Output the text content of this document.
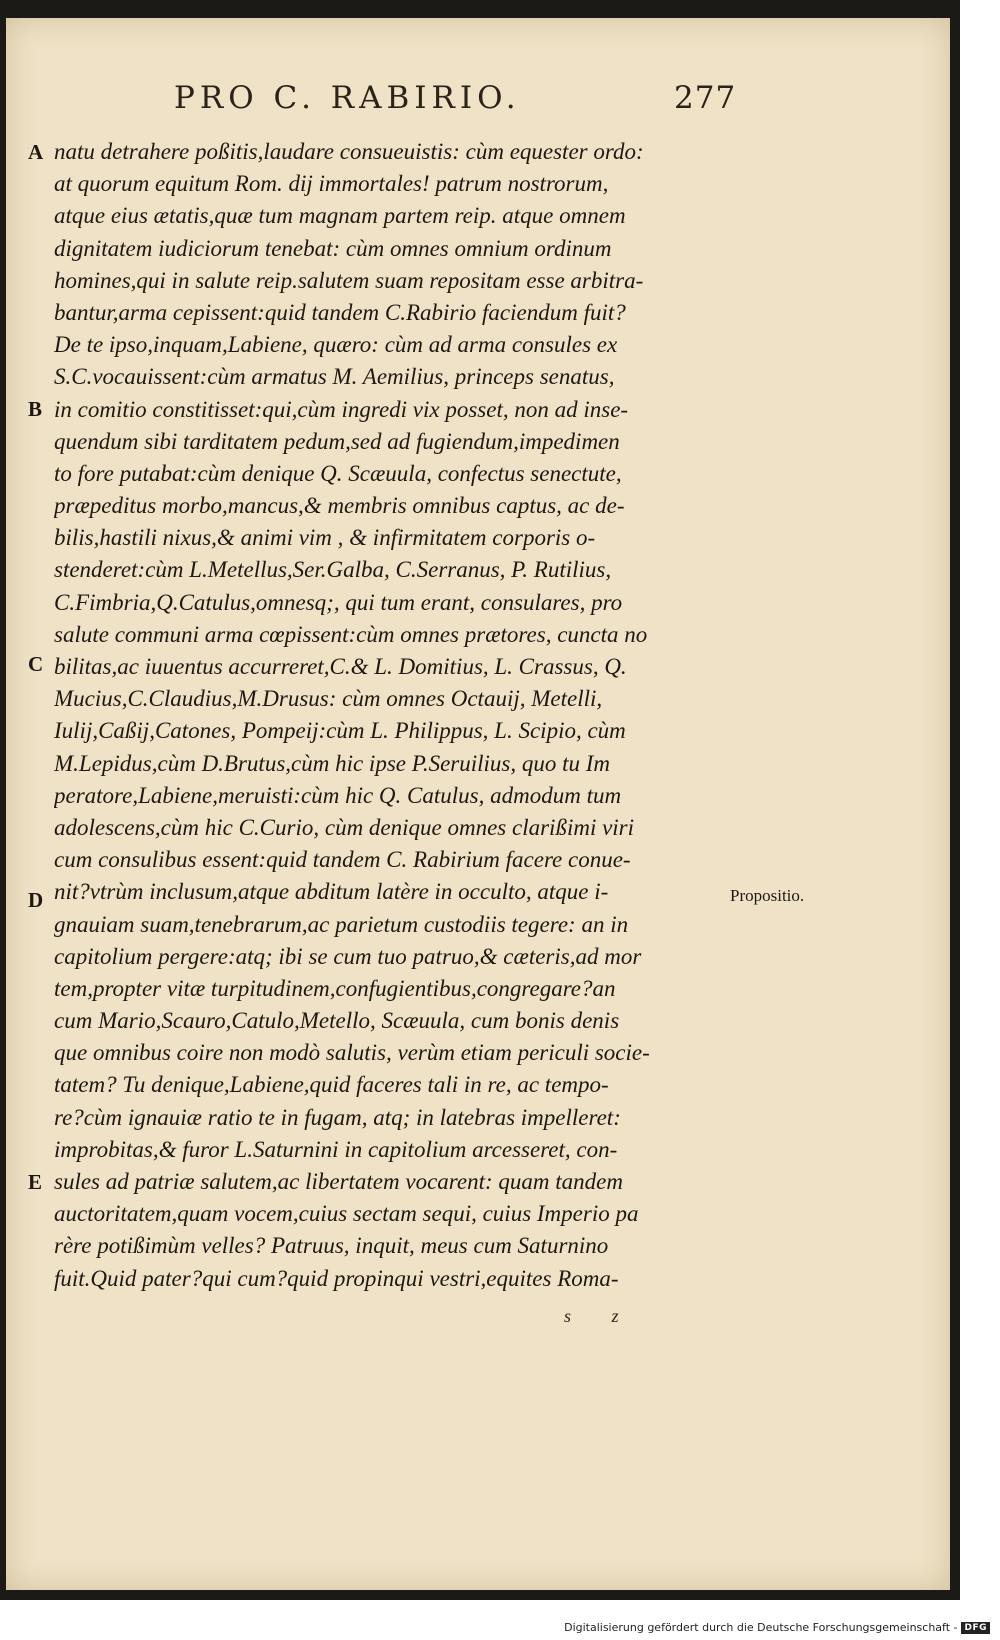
PRO C. RABIRIO.	277
A
B
C
D
E
natu detrahere poßitis,laudare consueuistis: cùm equester ordo:
at quorum equitum Rom. dij immortales! patrum nostrorum,
atque eius ætatis,quæ tum magnam partem reip. atque omnem
dignitatem iudiciorum tenebat: cùm omnes omnium ordinum
homines,qui in salute reip.salutem suam repositam esse arbitra-
bantur,arma cepissent:quid tandem C.Rabirio faciendum fuit?
De te ipso,inquam,Labiene, quæro: cùm ad arma consules ex
S.C.vocauissent:cùm armatus M. Aemilius, princeps senatus,
in comitio constitisset:qui,cùm ingredi vix posset, non ad inse-
quendum sibi tarditatem pedum,sed ad fugiendum,impedimen
to fore putabat:cùm denique Q. Scæuula, confectus senectute,
præpeditus morbo,mancus,& membris omnibus captus, ac de-
bilis,hastili nixus,& animi vim , & infirmitatem corporis o-
stenderet:cùm L.Metellus,Ser.Galba, C.Serranus, P. Rutilius,
C.Fimbria,Q.Catulus,omnesq;, qui tum erant, consulares, pro
salute communi arma cœpissent:cùm omnes prætores, cuncta no
bilitas,ac iuuentus accurreret,C.& L. Domitius, L. Crassus, Q.
Mucius,C.Claudius,M.Drusus: cùm omnes Octauij, Metelli,
Iulij,Caßij,Catones, Pompeij:cùm L. Philippus, L. Scipio, cùm
M.Lepidus,cùm D.Brutus,cùm hic ipse P.Seruilius, quo tu Im
peratore,Labiene,meruisti:cùm hic Q. Catulus, admodum tum
adolescens,cùm hic C.Curio, cùm denique omnes clarißimi viri
cum consulibus essent:quid tandem C. Rabirium facere conue-
nit?vtrùm inclusum,atque abditum latère in occulto, atque i-
gnauiam suam,tenebrarum,ac parietum custodiis tegere: an in
capitolium pergere:atq; ibi se cum tuo patruo,& cæteris,ad mor
tem,propter vitæ turpitudinem,confugientibus,congregare?an
cum Mario,Scauro,Catulo,Metello, Scæuula, cum bonis denis
que omnibus coire non modò salutis, verùm etiam periculi socie-
tatem? Tu denique,Labiene,quid faceres tali in re, ac tempo-
re?cùm ignauiæ ratio te in fugam, atq; in latebras impelleret:
improbitas,& furor L.Saturnini in capitolium arcesseret, con-
sules ad patriæ salutem,ac libertatem vocarent: quam tandem
auctoritatem,quam vocem,cuius sectam sequi, cuius Imperio pa
rère potißimùm velles? Patruus, inquit, meus cum Saturnino
fuit.Quid pater?qui cum?quid propinqui vestri,equites Roma-
Propositio.
s z
Digitalisierung gefördert durch die Deutsche Forschungsgemeinschaft - DFG
